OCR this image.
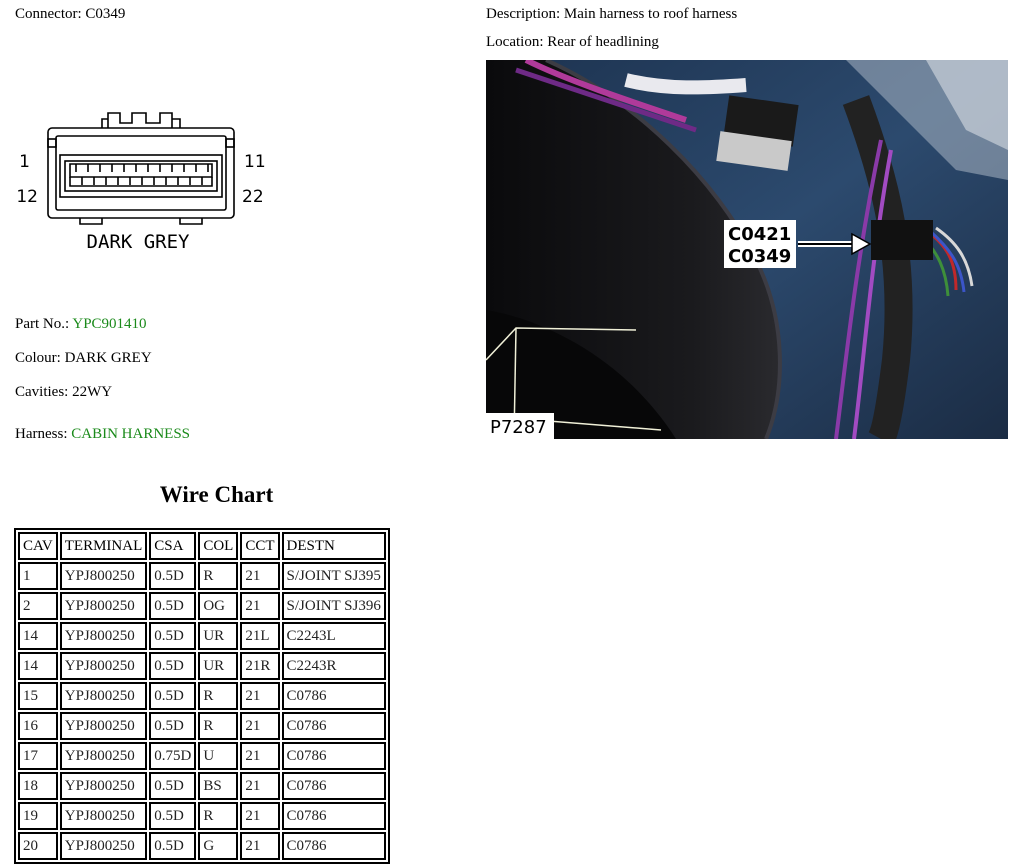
Connector: C0349	Description: Main harness to roof harness
Location: Rear of headlining
1
12
11
22
DARK GREY
Part No.: YPC901410
Colour: DARK GREY
Cavities: 22WY
Harness: CABIN HARNESS
C0421
C0349
P7287
Wire Chart
CAV	TERMINAL	CSA	COL	CCT	DESTN
1	YPJ800250	0.5D	R	21	S/JOINT SJ395
2	YPJ800250	0.5D	OG	21	S/JOINT SJ396
14	YPJ800250	0.5D	UR	21L	C2243L
14	YPJ800250	0.5D	UR	21R	C2243R
15	YPJ800250	0.5D	R	21	C0786
16	YPJ800250	0.5D	R	21	C0786
17	YPJ800250	0.75D	U	21	C0786
18	YPJ800250	0.5D	BS	21	C0786
19	YPJ800250	0.5D	R	21	C0786
20	YPJ800250	0.5D	G	21	C0786
